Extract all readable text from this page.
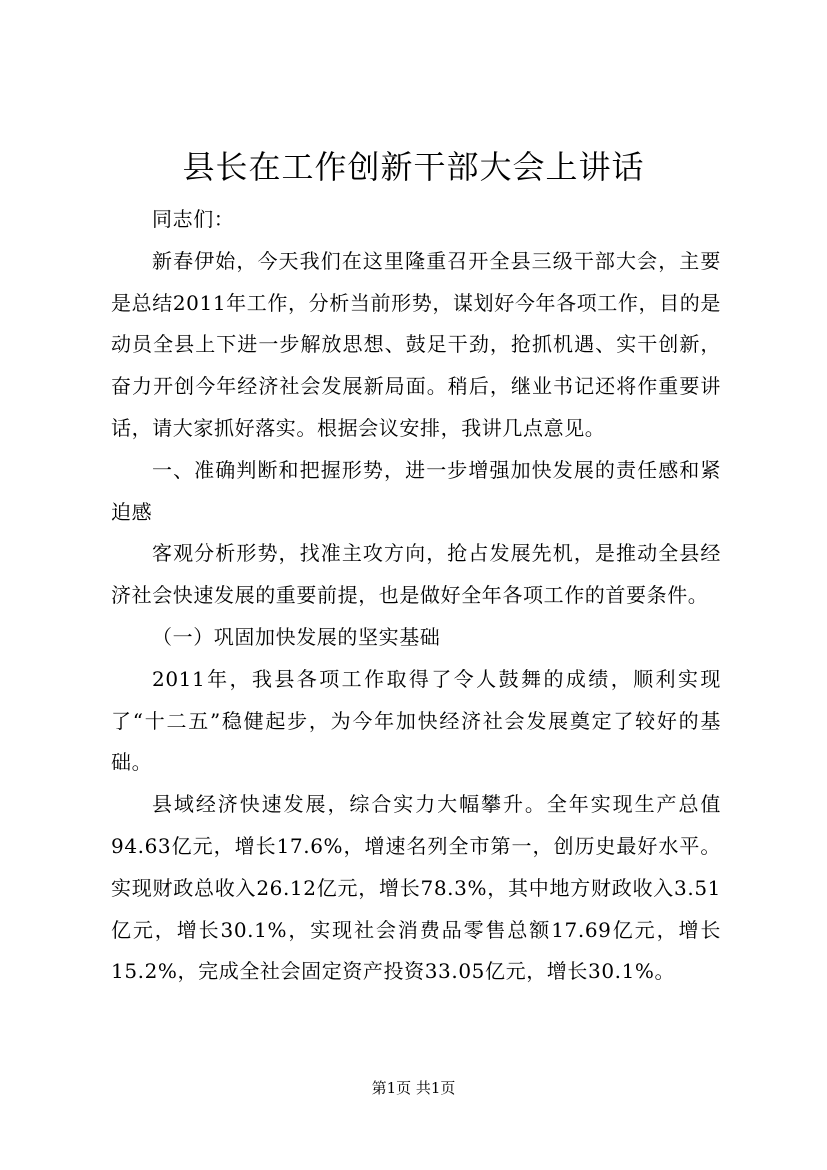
县长在工作创新干部大会上讲话

同志们：

新春伊始，今天我们在这里隆重召开全县三级干部大会，主要是总结2011年工作，分析当前形势，谋划好今年各项工作，目的是动员全县上下进一步解放思想、鼓足干劲，抢抓机遇、实干创新，奋力开创今年经济社会发展新局面。稍后，继业书记还将作重要讲话，请大家抓好落实。根据会议安排，我讲几点意见。

一、准确判断和把握形势，进一步增强加快发展的责任感和紧迫感

客观分析形势，找准主攻方向，抢占发展先机，是推动全县经济社会快速发展的重要前提，也是做好全年各项工作的首要条件。

（一）巩固加快发展的坚实基础

2011年，我县各项工作取得了令人鼓舞的成绩，顺利实现了“十二五”稳健起步，为今年加快经济社会发展奠定了较好的基础。

县域经济快速发展，综合实力大幅攀升。全年实现生产总值94.63亿元，增长17.6%，增速名列全市第一，创历史最好水平。实现财政总收入26.12亿元，增长78.3%，其中地方财政收入3.51亿元，增长30.1%，实现社会消费品零售总额17.69亿元，增长15.2%，完成全社会固定资产投资33.05亿元，增长30.1%。

第1页 共1页
